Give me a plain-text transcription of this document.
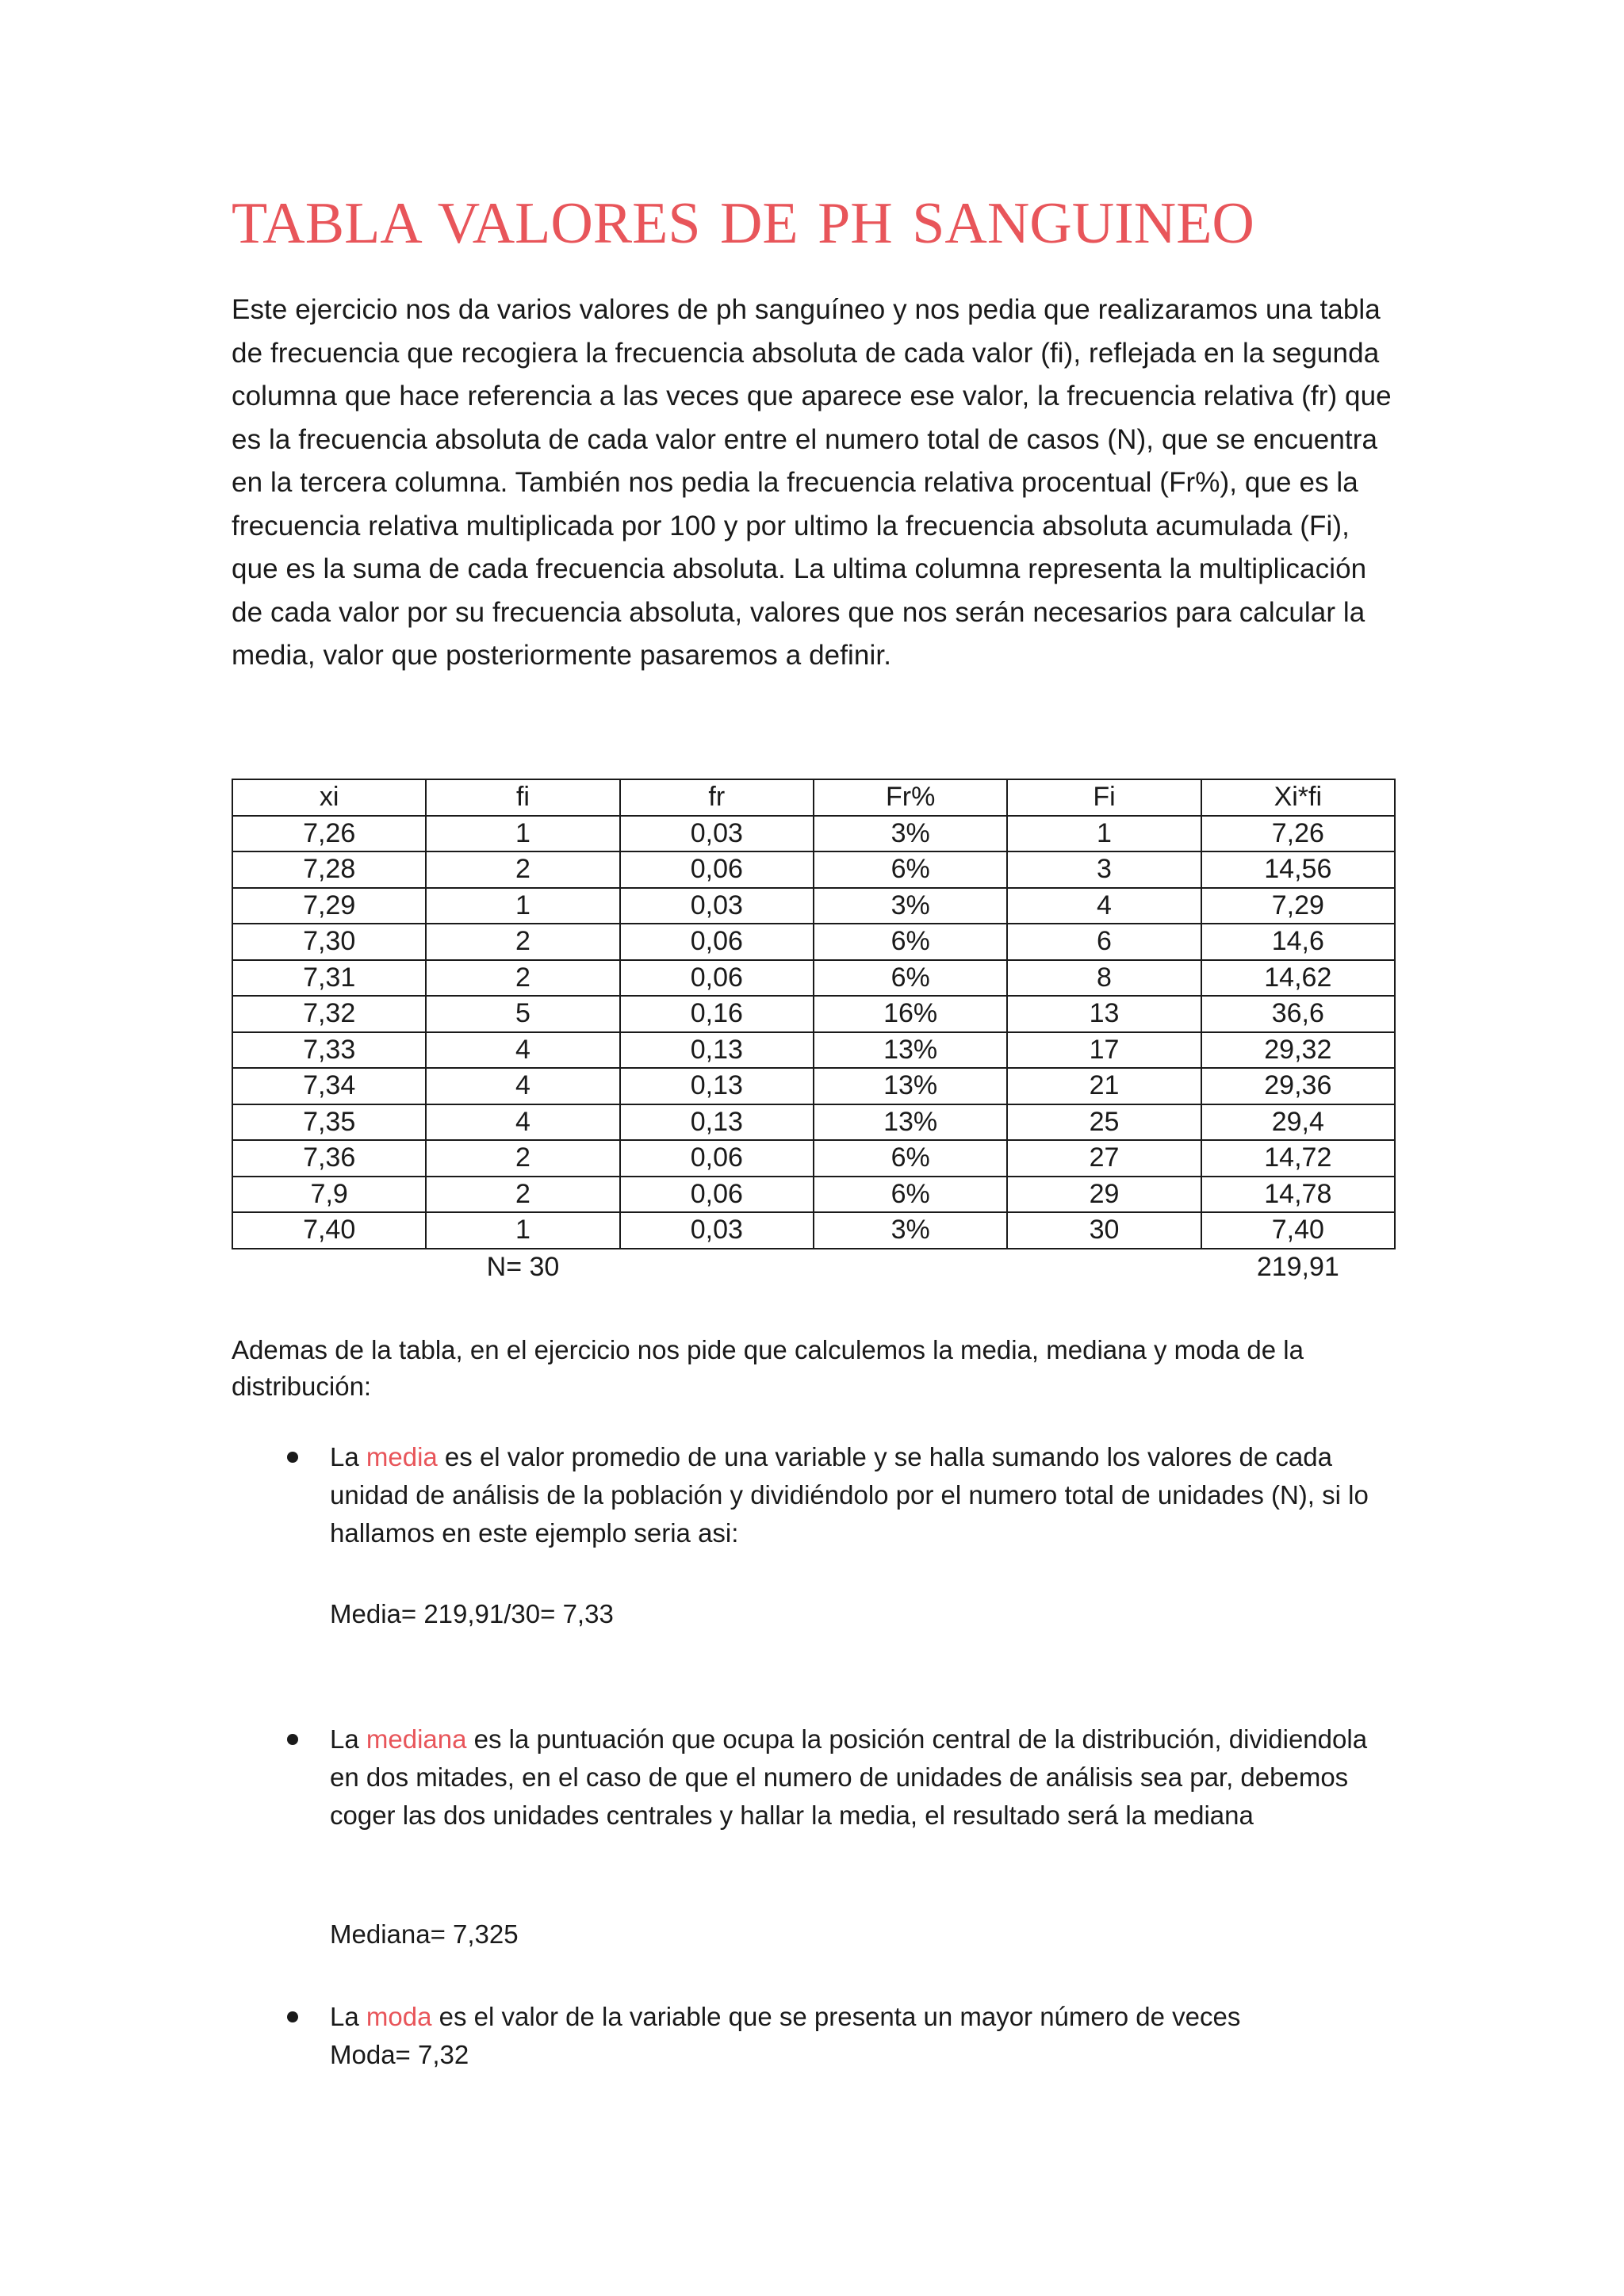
TABLA VALORES DE PH SANGUINEO

Este ejercicio nos da varios valores de ph sanguíneo y nos pedia que realizaramos una tabla de frecuencia que recogiera la frecuencia absoluta de cada valor (fi), reflejada en la segunda columna que hace referencia a las veces que aparece ese valor, la frecuencia relativa (fr) que es la frecuencia absoluta de cada valor entre el numero total de casos (N), que se encuentra en la tercera columna. También nos pedia la frecuencia relativa procentual (Fr%), que es la frecuencia relativa multiplicada por 100 y por ultimo la frecuencia absoluta acumulada (Fi), que es la suma de cada frecuencia absoluta. La ultima columna representa la multiplicación de cada valor por su frecuencia absoluta, valores que nos serán necesarios para calcular la media, valor que posteriormente pasaremos a definir.

xi	fi	fr	Fr%	Fi	Xi*fi
7,26	1	0,03	3%	1	7,26
7,28	2	0,06	6%	3	14,56
7,29	1	0,03	3%	4	7,29
7,30	2	0,06	6%	6	14,6
7,31	2	0,06	6%	8	14,62
7,32	5	0,16	16%	13	36,6
7,33	4	0,13	13%	17	29,32
7,34	4	0,13	13%	21	29,36
7,35	4	0,13	13%	25	29,4
7,36	2	0,06	6%	27	14,72
7,9	2	0,06	6%	29	14,78
7,40	1	0,03	3%	30	7,40
	N= 30				219,91

Ademas de la tabla, en el ejercicio nos pide que calculemos la media, mediana y moda de la distribución:

La media es el valor promedio de una variable y se halla sumando los valores de cada unidad de análisis de la población y dividiéndolo por el numero total de unidades (N), si lo hallamos en este ejemplo seria asi:

Media= 219,91/30= 7,33

La mediana es la puntuación que ocupa la posición central de la distribución, dividiendola en dos mitades, en el caso de que el numero de unidades de análisis sea par, debemos coger las dos unidades centrales y hallar la media, el resultado será la mediana

Mediana= 7,325

La moda es el valor de la variable que se presenta un mayor número de veces

Moda= 7,32
